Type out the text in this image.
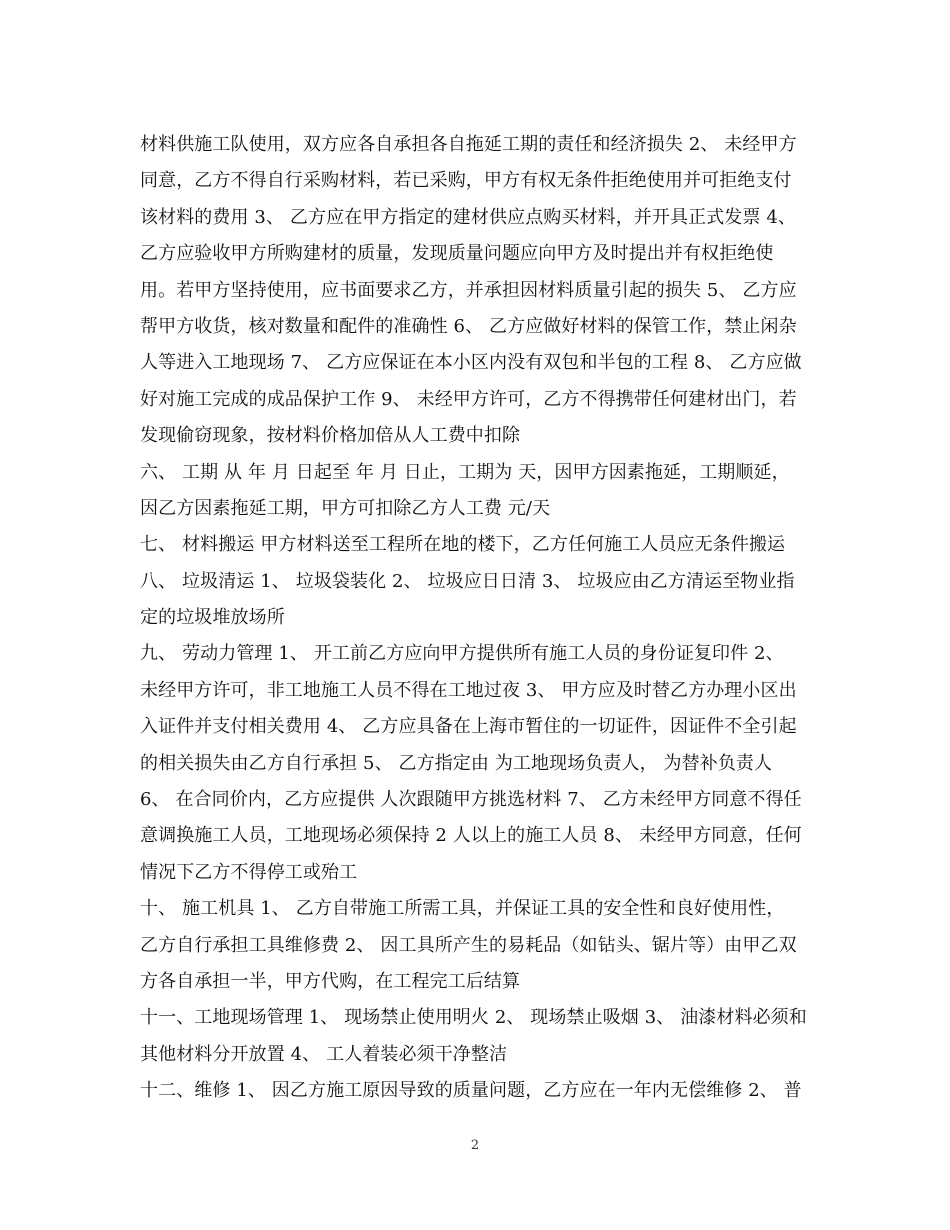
材料供施工队使用，双方应各自承担各自拖延工期的责任和经济损失 2、 未经甲方
同意，乙方不得自行采购材料，若已采购，甲方有权无条件拒绝使用并可拒绝支付
该材料的费用 3、 乙方应在甲方指定的建材供应点购买材料，并开具正式发票 4、
乙方应验收甲方所购建材的质量，发现质量问题应向甲方及时提出并有权拒绝使
用。若甲方坚持使用，应书面要求乙方，并承担因材料质量引起的损失 5、 乙方应
帮甲方收货，核对数量和配件的准确性 6、 乙方应做好材料的保管工作，禁止闲杂
人等进入工地现场 7、 乙方应保证在本小区内没有双包和半包的工程 8、 乙方应做
好对施工完成的成品保护工作 9、 未经甲方许可，乙方不得携带任何建材出门，若
发现偷窃现象，按材料价格加倍从人工费中扣除
六、 工期 从 年 月 日起至 年 月 日止，工期为 天，因甲方因素拖延，工期顺延，
因乙方因素拖延工期，甲方可扣除乙方人工费 元/天
七、 材料搬运 甲方材料送至工程所在地的楼下，乙方任何施工人员应无条件搬运
八、 垃圾清运 1、 垃圾袋装化 2、 垃圾应日日清 3、 垃圾应由乙方清运至物业指
定的垃圾堆放场所
九、 劳动力管理 1、 开工前乙方应向甲方提供所有施工人员的身份证复印件 2、
未经甲方许可，非工地施工人员不得在工地过夜 3、 甲方应及时替乙方办理小区出
入证件并支付相关费用 4、 乙方应具备在上海市暂住的一切证件，因证件不全引起
的相关损失由乙方自行承担 5、 乙方指定由 为工地现场负责人， 为替补负责人
6、 在合同价内，乙方应提供 人次跟随甲方挑选材料 7、 乙方未经甲方同意不得任
意调换施工人员，工地现场必须保持 2 人以上的施工人员 8、 未经甲方同意，任何
情况下乙方不得停工或殆工
十、 施工机具 1、 乙方自带施工所需工具，并保证工具的安全性和良好使用性，
乙方自行承担工具维修费 2、 因工具所产生的易耗品（如钻头、锯片等）由甲乙双
方各自承担一半，甲方代购，在工程完工后结算
十一、工地现场管理 1、 现场禁止使用明火 2、 现场禁止吸烟 3、 油漆材料必须和
其他材料分开放置 4、 工人着装必须干净整洁
十二、维修 1、 因乙方施工原因导致的质量问题，乙方应在一年内无偿维修 2、 普
2
